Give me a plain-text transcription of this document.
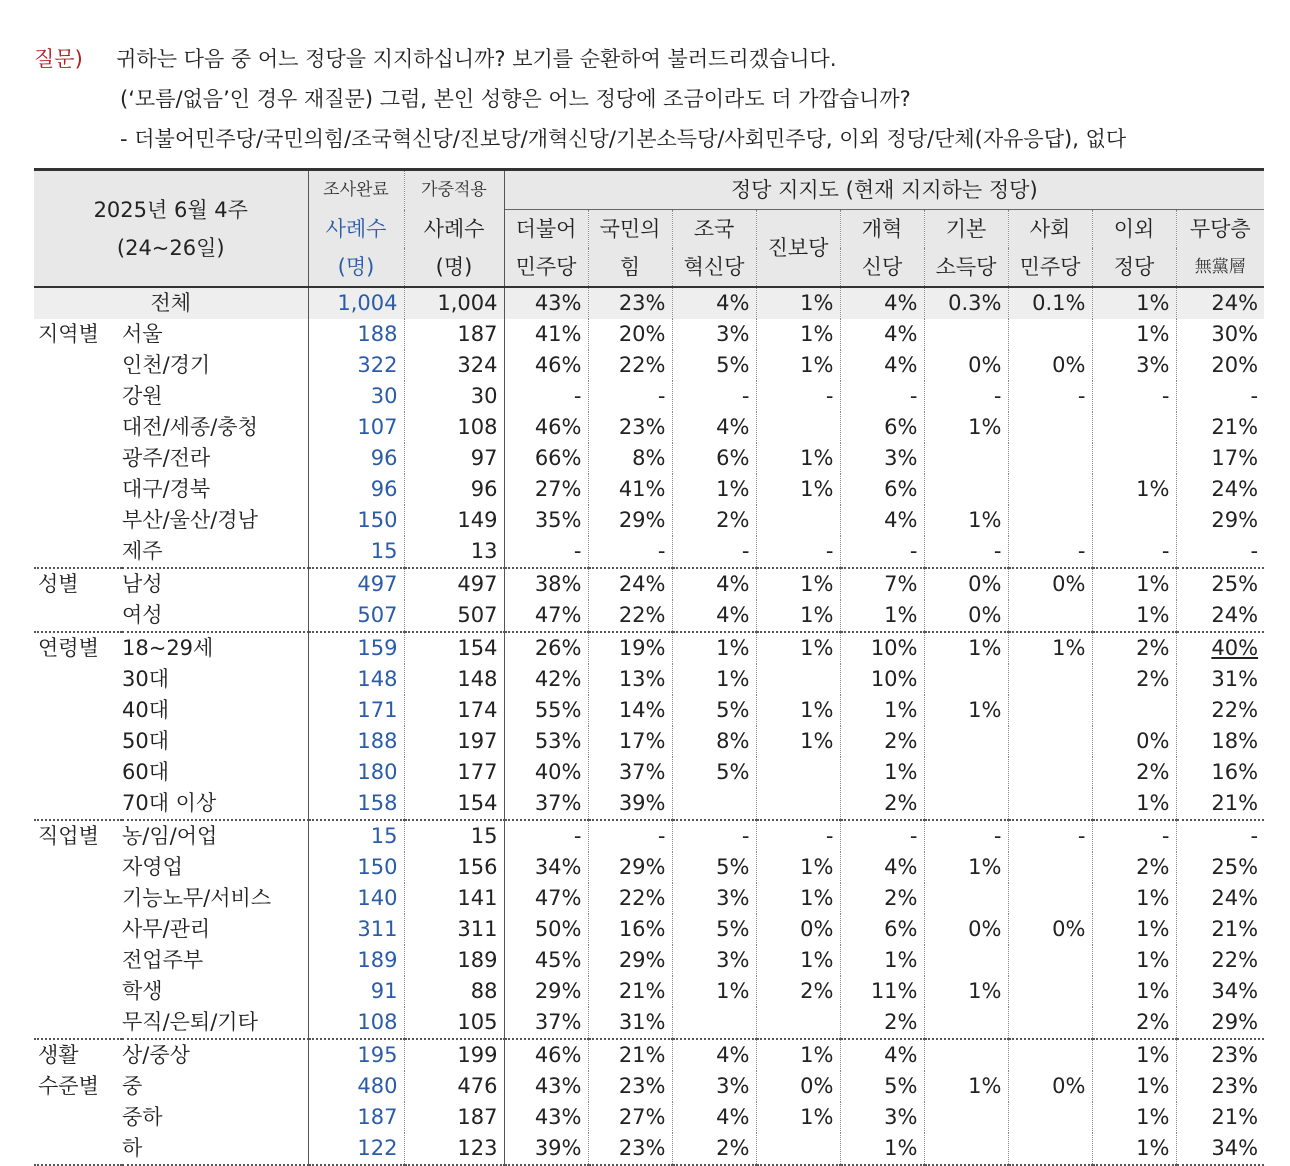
질문) 귀하는 다음 중 어느 정당을 지지하십니까? 보기를 순환하여 불러드리겠습니다.
(‘모름/없음’인 경우 재질문) 그럼, 본인 성향은 어느 정당에 조금이라도 더 가깝습니까?
- 더불어민주당/국민의힘/조국혁신당/진보당/개혁신당/기본소득당/사회민주당, 이외 정당/단체(자유응답), 없다
2025년 6월 4주
(24~26일)		조사완료	가중적용	정당 지지도 (현재 지지하는 정당)								
		사례수	사례수	더불어	국민의	조국	진보당	개혁	기본	사회	이외	무당층
		(명)	(명)	민주당	힘	혁신당		신당	소득당	민주당	정당	無黨層
전체		1,004	1,004	43%	23%	4%	1%	4%	0.3%	0.1%	1%	24%
지역별	서울	188	187	41%	20%	3%	1%	4%			1%	30%
	인천/경기	322	324	46%	22%	5%	1%	4%	0%	0%	3%	20%
	강원	30	30	-	-	-	-	-	-	-	-	-
	대전/세종/충청	107	108	46%	23%	4%		6%	1%			21%
	광주/전라	96	97	66%	8%	6%	1%	3%				17%
	대구/경북	96	96	27%	41%	1%	1%	6%			1%	24%
	부산/울산/경남	150	149	35%	29%	2%		4%	1%			29%
	제주	15	13	-	-	-	-	-	-	-	-	-
성별	남성	497	497	38%	24%	4%	1%	7%	0%	0%	1%	25%
	여성	507	507	47%	22%	4%	1%	1%	0%		1%	24%
연령별	18~29세	159	154	26%	19%	1%	1%	10%	1%	1%	2%	40%
	30대	148	148	42%	13%	1%		10%			2%	31%
	40대	171	174	55%	14%	5%	1%	1%	1%			22%
	50대	188	197	53%	17%	8%	1%	2%			0%	18%
	60대	180	177	40%	37%	5%		1%			2%	16%
	70대 이상	158	154	37%	39%			2%			1%	21%
직업별	농/임/어업	15	15	-	-	-	-	-	-	-	-	-
	자영업	150	156	34%	29%	5%	1%	4%	1%		2%	25%
	기능노무/서비스	140	141	47%	22%	3%	1%	2%			1%	24%
	사무/관리	311	311	50%	16%	5%	0%	6%	0%	0%	1%	21%
	전업주부	189	189	45%	29%	3%	1%	1%			1%	22%
	학생	91	88	29%	21%	1%	2%	11%	1%		1%	34%
	무직/은퇴/기타	108	105	37%	31%			2%			2%	29%
생활	상/중상	195	199	46%	21%	4%	1%	4%			1%	23%
수준별	중	480	476	43%	23%	3%	0%	5%	1%	0%	1%	23%
	중하	187	187	43%	27%	4%	1%	3%			1%	21%
	하	122	123	39%	23%	2%		1%			1%	34%
